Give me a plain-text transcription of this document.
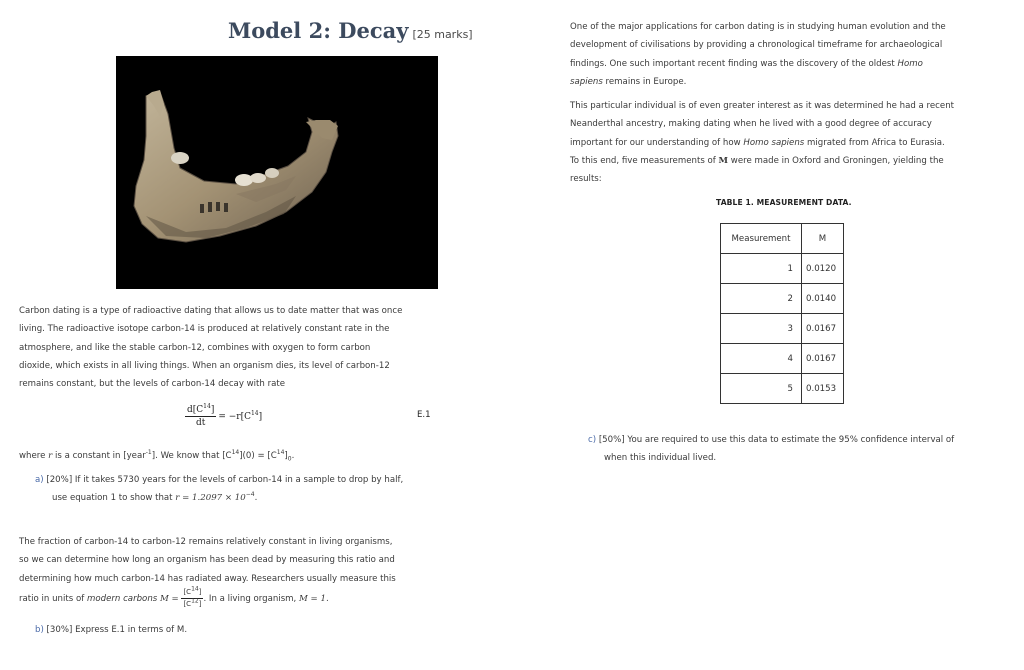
Model 2: Decay [25 marks]
Carbon dating is a type of radioactive dating that allows us to date matter that was once
living. The radioactive isotope carbon-14 is produced at relatively constant rate in the
atmosphere, and like the stable carbon-12, combines with oxygen to form carbon
dioxide, which exists in all living things. When an organism dies, its level of carbon-12
remains constant, but the levels of carbon-14 decay with rate
$\frac{d[C^{14}]}{dt} = -r[C^{14}]$	E.1
where r is a constant in [year$^{-1}$]. We know that $[C^{14}](0) = [C^{14}]_0$.
a) [20%] If it takes 5730 years for the levels of carbon-14 in a sample to drop by half,
use equation 1 to show that $r = 1.2097 \times 10^{-4}$.
The fraction of carbon-14 to carbon-12 remains relatively constant in living organisms,
so we can determine how long an organism has been dead by measuring this ratio and
determining how much carbon-14 has radiated away. Researchers usually measure this
ratio in units of modern carbons $M = \frac{[C^{14}]}{[C^{12}]}$ . In a living organism, M = 1.
b) [30%] Express E.1 in terms of M.
One of the major applications for carbon dating is in studying human evolution and the
development of civilisations by providing a chronological timeframe for archaeological
findings. One such important recent finding was the discovery of the oldest Homo
sapiens remains in Europe.
This particular individual is of even greater interest as it was determined he had a recent
Neanderthal ancestry, making dating when he lived with a good degree of accuracy
important for our understanding of how Homo sapiens migrated from Africa to Eurasia.
To this end, five measurements of M were made in Oxford and Groningen, yielding the
results:
TABLE 1. MEASUREMENT DATA.
Measurement	M
1	0.0120
2	0.0140
3	0.0167
4	0.0167
5	0.0153
c) [50%] You are required to use this data to estimate the 95% confidence interval of
when this individual lived.
